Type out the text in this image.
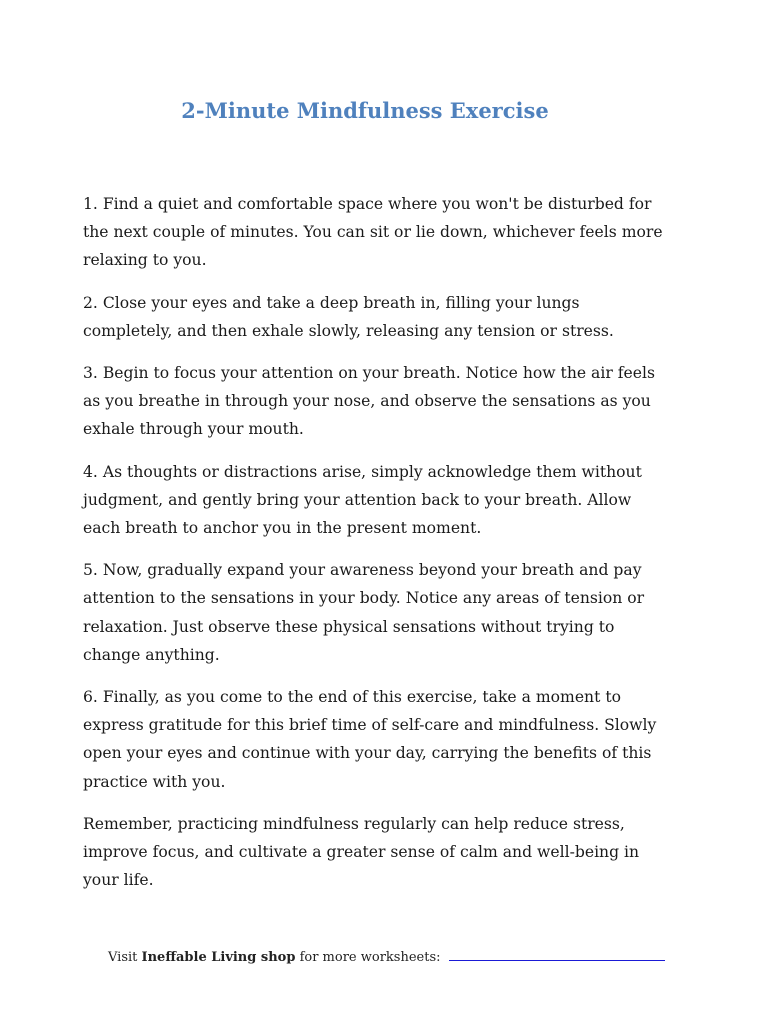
2-Minute Mindfulness Exercise

1. Find a quiet and comfortable space where you won't be disturbed for the next couple of minutes. You can sit or lie down, whichever feels more relaxing to you.

2. Close your eyes and take a deep breath in, filling your lungs completely, and then exhale slowly, releasing any tension or stress.

3. Begin to focus your attention on your breath. Notice how the air feels as you breathe in through your nose, and observe the sensations as you exhale through your mouth.

4. As thoughts or distractions arise, simply acknowledge them without judgment, and gently bring your attention back to your breath. Allow each breath to anchor you in the present moment.

5. Now, gradually expand your awareness beyond your breath and pay attention to the sensations in your body. Notice any areas of tension or relaxation. Just observe these physical sensations without trying to change anything.

6. Finally, as you come to the end of this exercise, take a moment to express gratitude for this brief time of self-care and mindfulness. Slowly open your eyes and continue with your day, carrying the benefits of this practice with you.

Remember, practicing mindfulness regularly can help reduce stress, improve focus, and cultivate a greater sense of calm and well-being in your life.

Visit Ineffable Living shop for more worksheets:
